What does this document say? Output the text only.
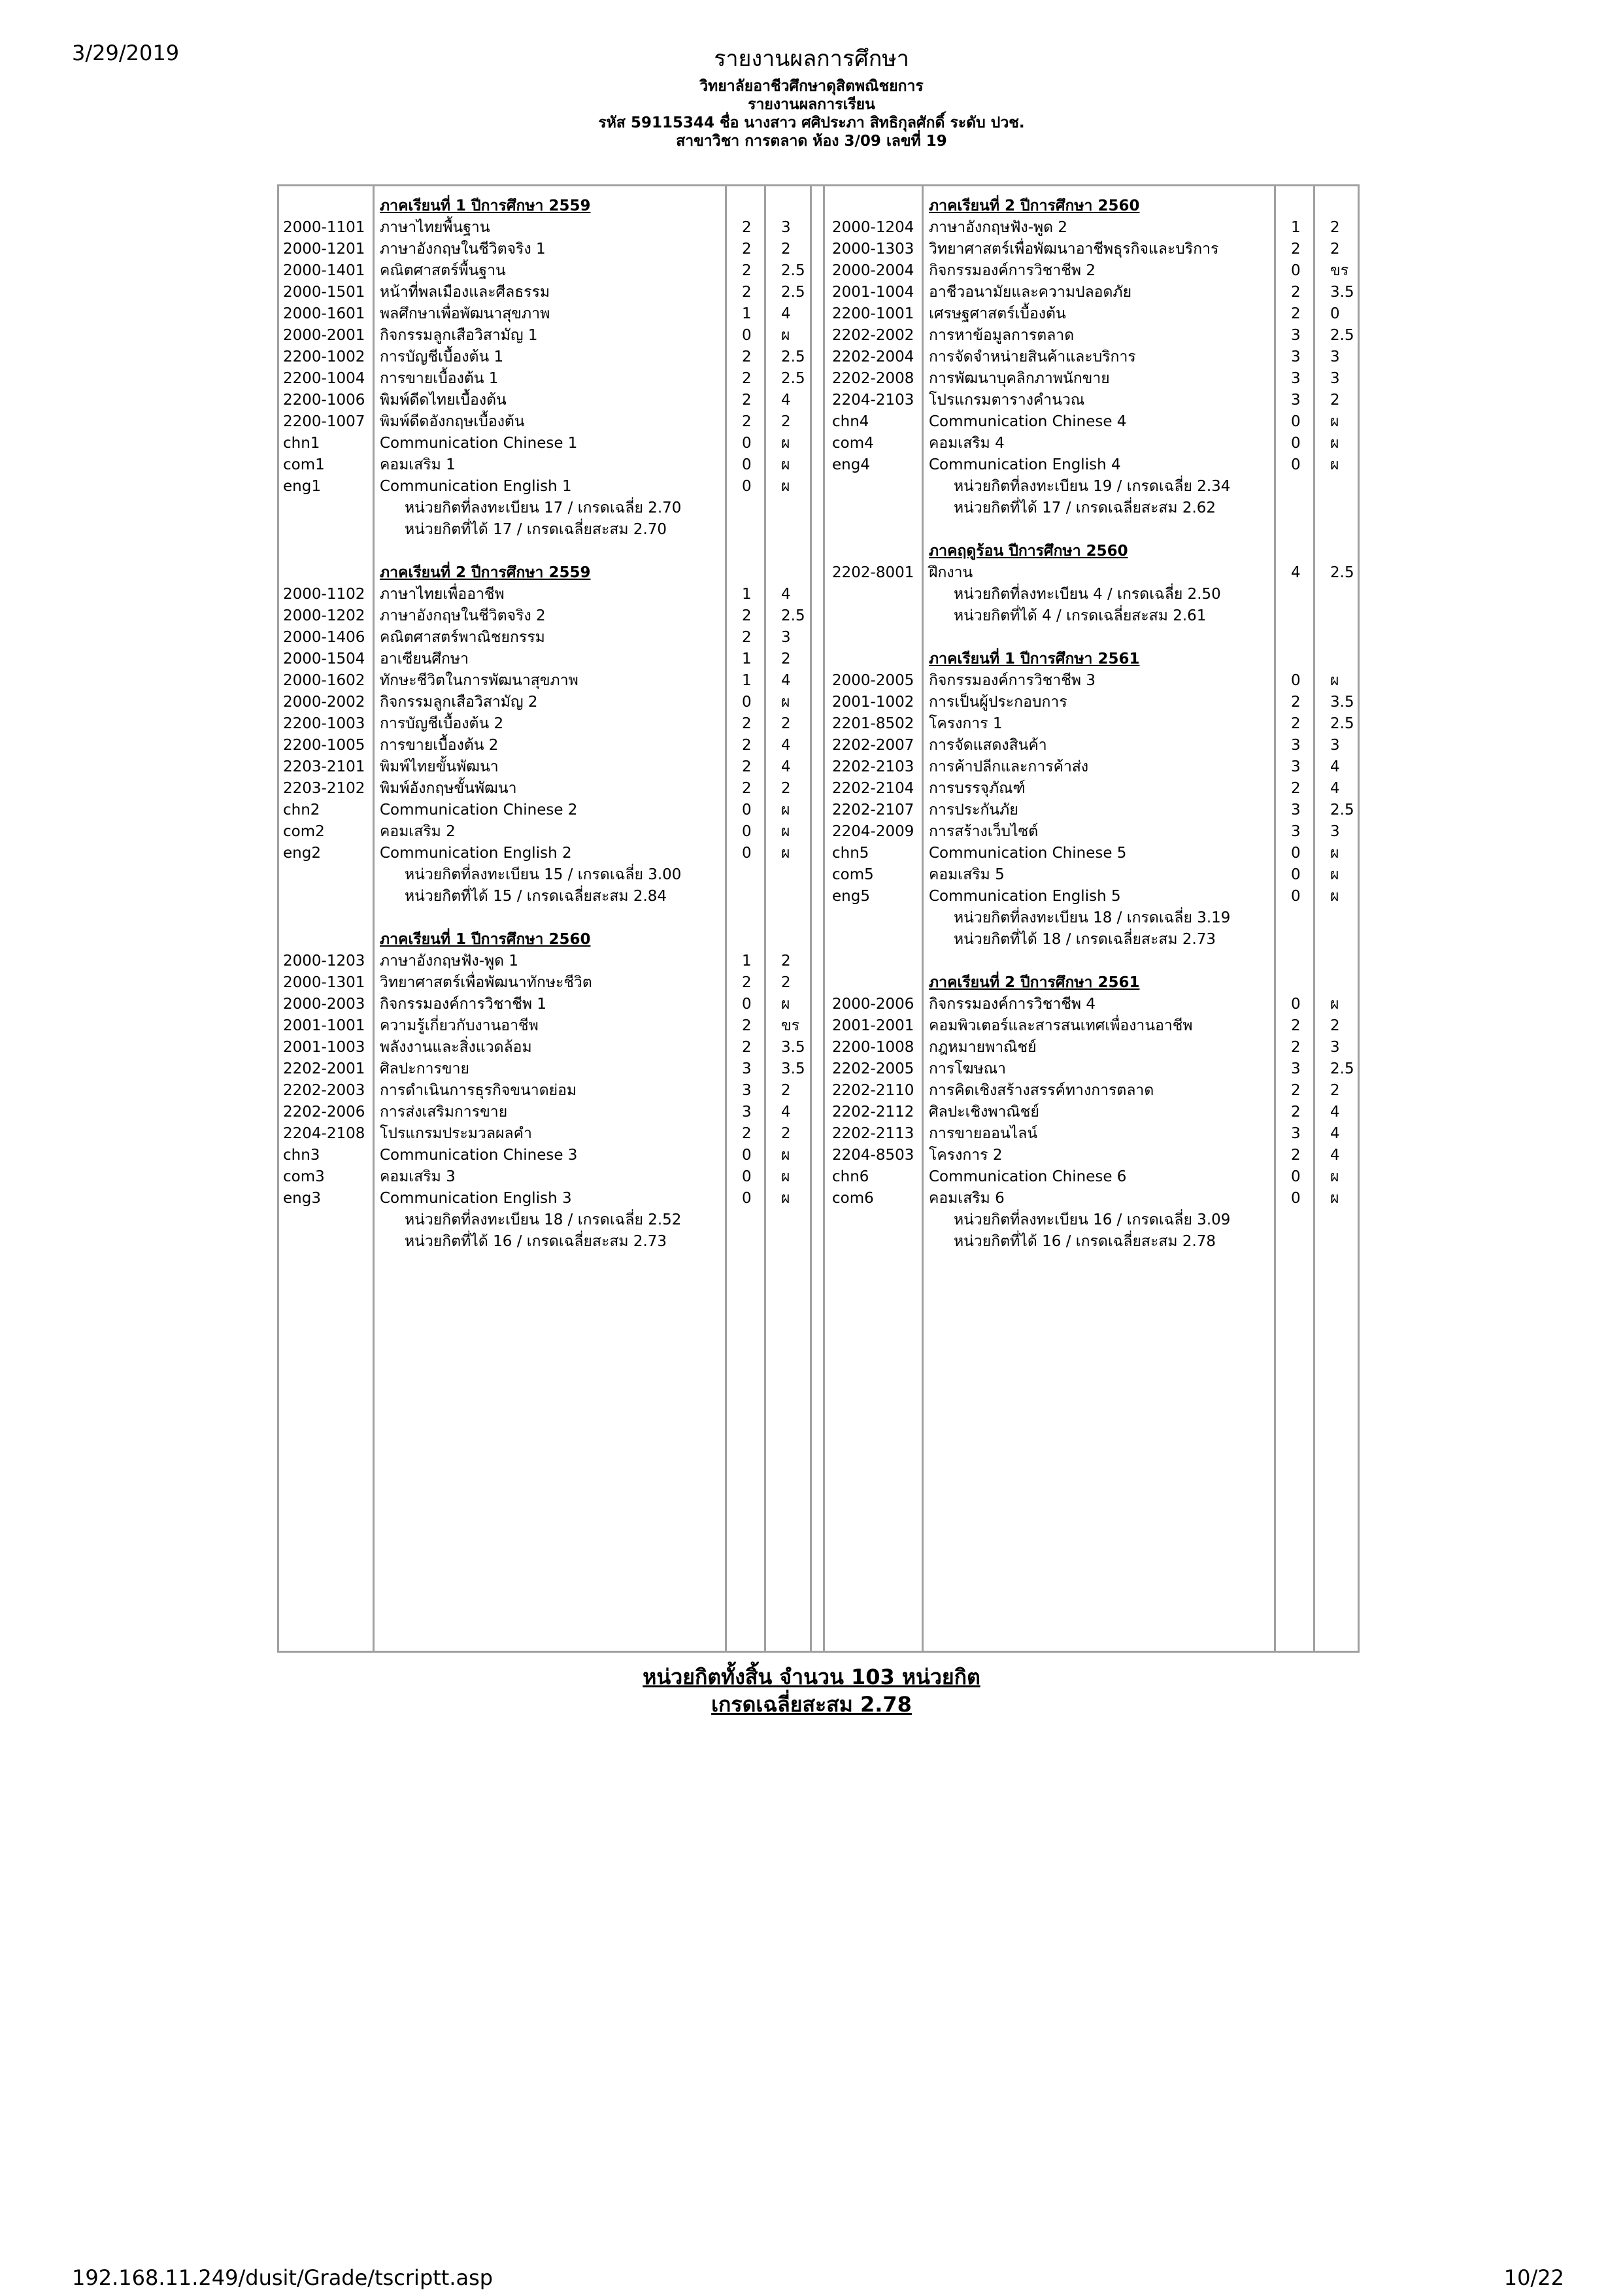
3/29/2019	รายงานผลการศึกษา
วิทยาลัยอาชีวศึกษาดุสิตพณิชยการ
รายงานผลการเรียน
รหัส 59115344 ชื่อ นางสาว ศศิประภา สิทธิกุลศักดิ์ ระดับ ปวช.
สาขาวิชา การตลาด ห้อง 3/09 เลขที่ 19
ภาคเรียนที่ 1 ปีการศึกษา 2559
2000-1101 ภาษาไทยพื้นฐาน	2 3
2000-1201 ภาษาอังกฤษในชีวิตจริง 1	2 2
2000-1401 คณิตศาสตร์พื้นฐาน	2 2.5
2000-1501 หน้าที่พลเมืองและศีลธรรม	2 2.5
2000-1601 พลศึกษาเพื่อพัฒนาสุขภาพ	1 4
2000-2001 กิจกรรมลูกเสือวิสามัญ 1	0 ผ
2200-1002 การบัญชีเบื้องต้น 1	2 2.5
2200-1004 การขายเบื้องต้น 1	2 2.5
2200-1006 พิมพ์ดีดไทยเบื้องต้น	2 4
2200-1007 พิมพ์ดีดอังกฤษเบื้องต้น	2 2
chn1	Communication Chinese 1	0 ผ
com1	คอมเสริม 1	0 ผ
eng1	Communication English 1	0 ผ
หน่วยกิตที่ลงทะเบียน 17 / เกรดเฉลี่ย 2.70
หน่วยกิตที่ได้ 17 / เกรดเฉลี่ยสะสม 2.70
ภาคเรียนที่ 2 ปีการศึกษา 2559
2000-1102 ภาษาไทยเพื่ออาชีพ	1 4
2000-1202 ภาษาอังกฤษในชีวิตจริง 2	2 2.5
2000-1406 คณิตศาสตร์พาณิชยกรรม	2 3
2000-1504 อาเซียนศึกษา	1 2
2000-1602 ทักษะชีวิตในการพัฒนาสุขภาพ	1 4
2000-2002 กิจกรรมลูกเสือวิสามัญ 2	0 ผ
2200-1003 การบัญชีเบื้องต้น 2	2 2
2200-1005 การขายเบื้องต้น 2	2 4
2203-2101 พิมพ์ไทยขั้นพัฒนา	2 4
2203-2102 พิมพ์อังกฤษขั้นพัฒนา	2 2
chn2	Communication Chinese 2	0 ผ
com2	คอมเสริม 2	0 ผ
eng2	Communication English 2	0 ผ
หน่วยกิตที่ลงทะเบียน 15 / เกรดเฉลี่ย 3.00
หน่วยกิตที่ได้ 15 / เกรดเฉลี่ยสะสม 2.84
ภาคเรียนที่ 1 ปีการศึกษา 2560
2000-1203 ภาษาอังกฤษฟัง-พูด 1	1 2
2000-1301 วิทยาศาสตร์เพื่อพัฒนาทักษะชีวิต	2 2
2000-2003 กิจกรรมองค์การวิชาชีพ 1	0 ผ
2001-1001 ความรู้เกี่ยวกับงานอาชีพ	2 ขร
2001-1003 พลังงานและสิ่งแวดล้อม	2 3.5
2202-2001 ศิลปะการขาย	3 3.5
2202-2003 การดำเนินการธุรกิจขนาดย่อม	3 2
2202-2006 การส่งเสริมการขาย	3 4
2204-2108 โปรแกรมประมวลผลคำ	2 2
chn3	Communication Chinese 3	0 ผ
com3	คอมเสริม 3	0 ผ
eng3	Communication English 3	0 ผ
หน่วยกิตที่ลงทะเบียน 18 / เกรดเฉลี่ย 2.52
หน่วยกิตที่ได้ 16 / เกรดเฉลี่ยสะสม 2.73
ภาคเรียนที่ 2 ปีการศึกษา 2560
2000-1204 ภาษาอังกฤษฟัง-พูด 2	1 2
2000-1303 วิทยาศาสตร์เพื่อพัฒนาอาชีพธุรกิจและบริการ	2 2
2000-2004 กิจกรรมองค์การวิชาชีพ 2	0 ขร
2001-1004 อาชีวอนามัยและความปลอดภัย	2 3.5
2200-1001 เศรษฐศาสตร์เบื้องต้น	2 0
2202-2002 การหาข้อมูลการตลาด	3 2.5
2202-2004 การจัดจำหน่ายสินค้าและบริการ	3 3
2202-2008 การพัฒนาบุคลิกภาพนักขาย	3 3
2204-2103 โปรแกรมตารางคำนวณ	3 2
chn4	Communication Chinese 4	0 ผ
com4	คอมเสริม 4	0 ผ
eng4	Communication English 4	0 ผ
หน่วยกิตที่ลงทะเบียน 19 / เกรดเฉลี่ย 2.34
หน่วยกิตที่ได้ 17 / เกรดเฉลี่ยสะสม 2.62
ภาคฤดูร้อน ปีการศึกษา 2560
2202-8001 ฝึกงาน	4 2.5
หน่วยกิตที่ลงทะเบียน 4 / เกรดเฉลี่ย 2.50
หน่วยกิตที่ได้ 4 / เกรดเฉลี่ยสะสม 2.61
ภาคเรียนที่ 1 ปีการศึกษา 2561
2000-2005 กิจกรรมองค์การวิชาชีพ 3	0 ผ
2001-1002 การเป็นผู้ประกอบการ	2 3.5
2201-8502 โครงการ 1	2 2.5
2202-2007 การจัดแสดงสินค้า	3 3
2202-2103 การค้าปลีกและการค้าส่ง	3 4
2202-2104 การบรรจุภัณฑ์	2 4
2202-2107 การประกันภัย	3 2.5
2204-2009 การสร้างเว็บไซต์	3 3
chn5	Communication Chinese 5	0 ผ
com5	คอมเสริม 5	0 ผ
eng5	Communication English 5	0 ผ
หน่วยกิตที่ลงทะเบียน 18 / เกรดเฉลี่ย 3.19
หน่วยกิตที่ได้ 18 / เกรดเฉลี่ยสะสม 2.73
ภาคเรียนที่ 2 ปีการศึกษา 2561
2000-2006 กิจกรรมองค์การวิชาชีพ 4	0 ผ
2001-2001 คอมพิวเตอร์และสารสนเทศเพื่องานอาชีพ	2 2
2200-1008 กฎหมายพาณิชย์	2 3
2202-2005 การโฆษณา	3 2.5
2202-2110 การคิดเชิงสร้างสรรค์ทางการตลาด	2 2
2202-2112 ศิลปะเชิงพาณิชย์	2 4
2202-2113 การขายออนไลน์	3 4
2204-8503 โครงการ 2	2 4
chn6	Communication Chinese 6	0 ผ
com6	คอมเสริม 6	0 ผ
หน่วยกิตที่ลงทะเบียน 16 / เกรดเฉลี่ย 3.09
หน่วยกิตที่ได้ 16 / เกรดเฉลี่ยสะสม 2.78
หน่วยกิตทั้งสิ้น จำนวน 103 หน่วยกิต
เกรดเฉลี่ยสะสม 2.78
192.168.11.249/dusit/Grade/tscriptt.asp	10/22
